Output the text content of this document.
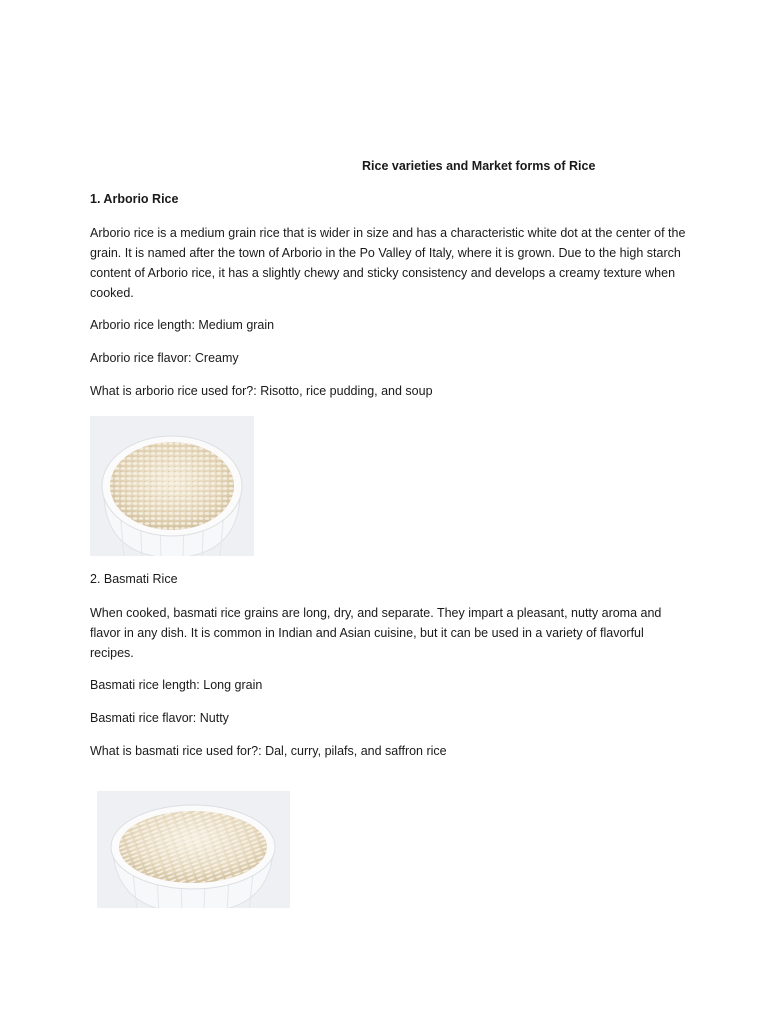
Rice varieties and Market forms of Rice
1. Arborio Rice
Arborio rice is a medium grain rice that is wider in size and has a characteristic white dot at the center of the grain. It is named after the town of Arborio in the Po Valley of Italy, where it is grown. Due to the high starch content of Arborio rice, it has a slightly chewy and sticky consistency and develops a creamy texture when cooked.
Arborio rice length: Medium grain
Arborio rice flavor: Creamy
What is arborio rice used for?: Risotto, rice pudding, and soup
2. Basmati Rice
When cooked, basmati rice grains are long, dry, and separate. They impart a pleasant, nutty aroma and flavor in any dish. It is common in Indian and Asian cuisine, but it can be used in a variety of flavorful recipes.
Basmati rice length: Long grain
Basmati rice flavor: Nutty
What is basmati rice used for?: Dal, curry, pilafs, and saffron rice
